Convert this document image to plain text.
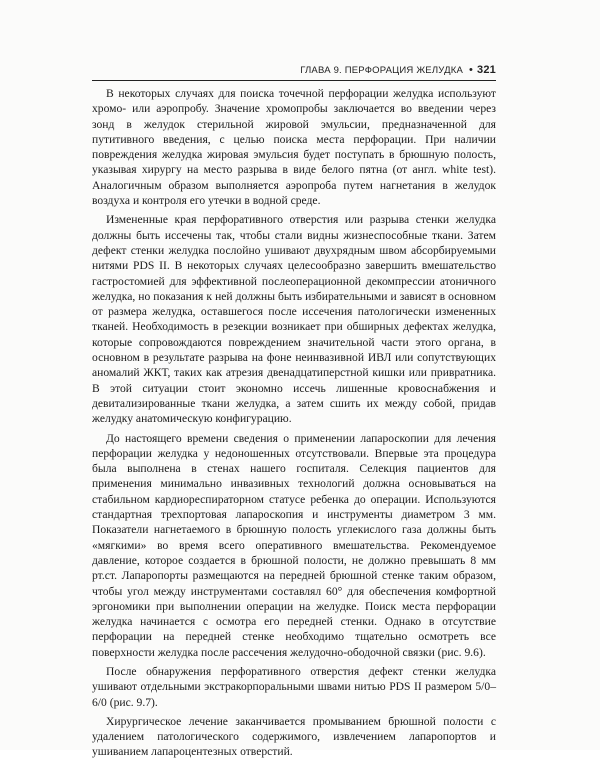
ГЛАВА 9. ПЕРФОРАЦИЯ ЖЕЛУДКА • 321

В некоторых случаях для поиска точечной перфорации желудка используют хромо- или аэропробу. Значение хромопробы заключается во введении через зонд в желудок стерильной жировой эмульсии, предназначенной для путитивного введения, с целью поиска места перфорации. При наличии повреждения желудка жировая эмульсия будет поступать в брюшную полость, указывая хирургу на место разрыва в виде белого пятна (от англ. white test). Аналогичным образом выполняется аэропроба путем нагнетания в желудок воздуха и контроля его утечки в водной среде.

Измененные края перфоративного отверстия или разрыва стенки желудка должны быть иссечены так, чтобы стали видны жизнеспособные ткани. Затем дефект стенки желудка послойно ушивают двухрядным швом абсорбируемыми нитями PDS II. В некоторых случаях целесообразно завершить вмешательство гастростомией для эффективной послеоперационной декомпрессии атоничного желудка, но показания к ней должны быть избирательными и зависят в основном от размера желудка, оставшегося после иссечения патологически измененных тканей. Необходимость в резекции возникает при обширных дефектах желудка, которые сопровождаются повреждением значительной части этого органа, в основном в результате разрыва на фоне неинвазивной ИВЛ или сопутствующих аномалий ЖКТ, таких как атрезия двенадцатиперстной кишки или привратника. В этой ситуации стоит экономно иссечь лишенные кровоснабжения и девитализированные ткани желудка, а затем сшить их между собой, придав желудку анатомическую конфигурацию.

До настоящего времени сведения о применении лапароскопии для лечения перфорации желудка у недоношенных отсутствовали. Впервые эта процедура была выполнена в стенах нашего госпиталя. Селекция пациентов для применения минимально инвазивных технологий должна основываться на стабильном кардиореспираторном статусе ребенка до операции. Используются стандартная трехпортовая лапароскопия и инструменты диаметром 3 мм. Показатели нагнетаемого в брюшную полость углекислого газа должны быть «мягкими» во время всего оперативного вмешательства. Рекомендуемое давление, которое создается в брюшной полости, не должно превышать 8 мм рт.ст. Лапаропорты размещаются на передней брюшной стенке таким образом, чтобы угол между инструментами составлял 60° для обеспечения комфортной эргономики при выполнении операции на желудке. Поиск места перфорации желудка начинается с осмотра его передней стенки. Однако в отсутствие перфорации на передней стенке необходимо тщательно осмотреть все поверхности желудка после рассечения желудочно-ободочной связки (рис. 9.6).

После обнаружения перфоративного отверстия дефект стенки желудка ушивают отдельными экстракорпоральными швами нитью PDS II размером 5/0–6/0 (рис. 9.7).

Хирургическое лечение заканчивается промыванием брюшной полости с удалением патологического содержимого, извлечением лапаропортов и ушиванием лапароцентезных отверстий.
